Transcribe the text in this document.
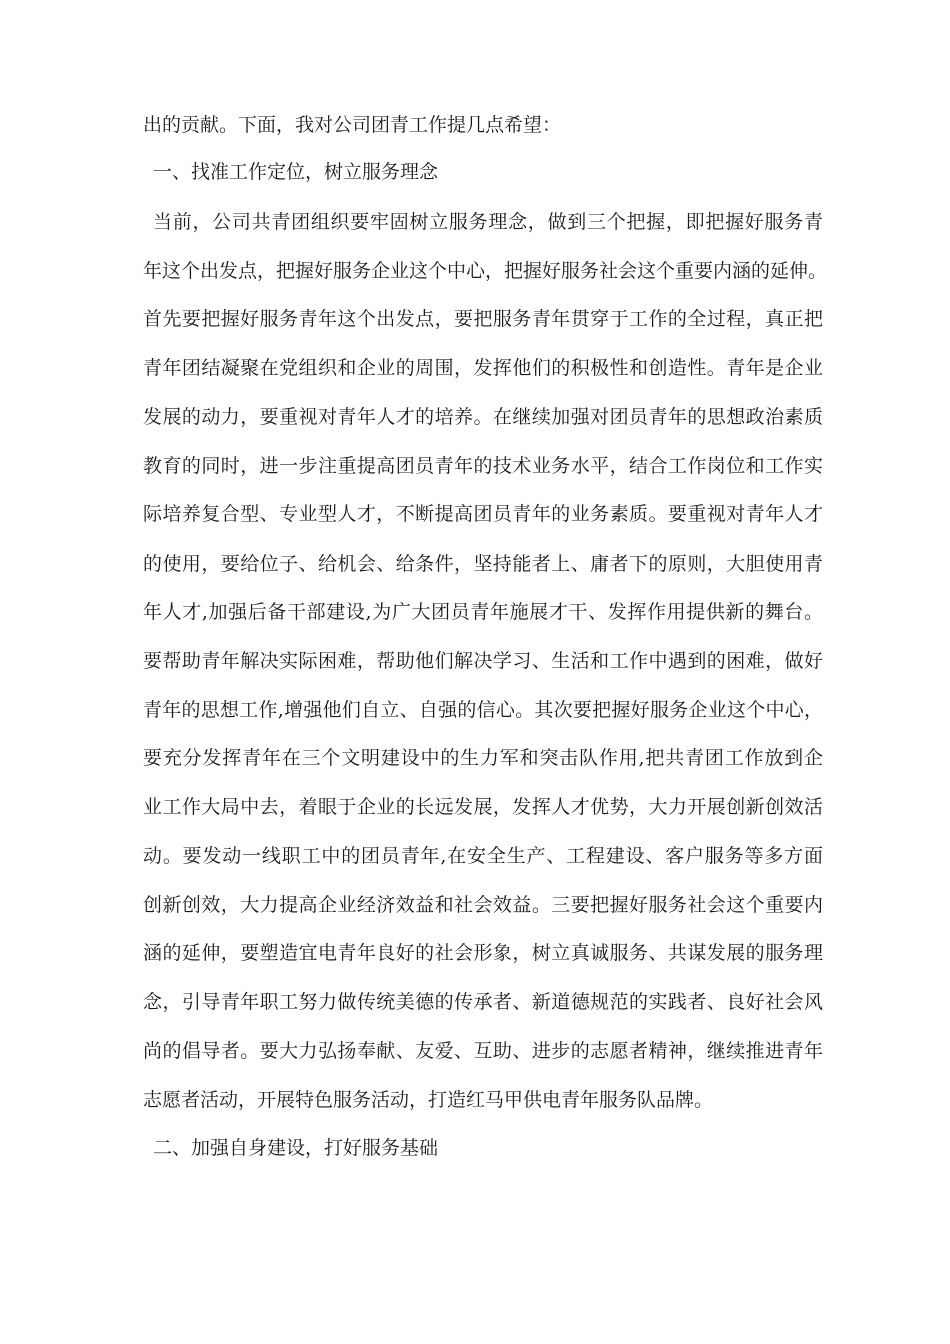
出的贡献。下面，我对公司团青工作提几点希望：
一、找准工作定位，树立服务理念
当前，公司共青团组织要牢固树立服务理念，做到三个把握，即把握好服务青
年这个出发点，把握好服务企业这个中心，把握好服务社会这个重要内涵的延伸。
首先要把握好服务青年这个出发点，要把服务青年贯穿于工作的全过程，真正把
青年团结凝聚在党组织和企业的周围，发挥他们的积极性和创造性。青年是企业
发展的动力，要重视对青年人才的培养。在继续加强对团员青年的思想政治素质
教育的同时，进一步注重提高团员青年的技术业务水平，结合工作岗位和工作实
际培养复合型、专业型人才，不断提高团员青年的业务素质。要重视对青年人才
的使用，要给位子、给机会、给条件，坚持能者上、庸者下的原则，大胆使用青
年人才,加强后备干部建设,为广大团员青年施展才干、发挥作用提供新的舞台。
要帮助青年解决实际困难，帮助他们解决学习、生活和工作中遇到的困难，做好
青年的思想工作,增强他们自立、自强的信心。其次要把握好服务企业这个中心，
要充分发挥青年在三个文明建设中的生力军和突击队作用,把共青团工作放到企
业工作大局中去，着眼于企业的长远发展，发挥人才优势，大力开展创新创效活
动。要发动一线职工中的团员青年,在安全生产、工程建设、客户服务等多方面
创新创效，大力提高企业经济效益和社会效益。三要把握好服务社会这个重要内
涵的延伸，要塑造宜电青年良好的社会形象，树立真诚服务、共谋发展的服务理
念，引导青年职工努力做传统美德的传承者、新道德规范的实践者、良好社会风
尚的倡导者。要大力弘扬奉献、友爱、互助、进步的志愿者精神，继续推进青年
志愿者活动，开展特色服务活动，打造红马甲供电青年服务队品牌。
二、加强自身建设，打好服务基础
